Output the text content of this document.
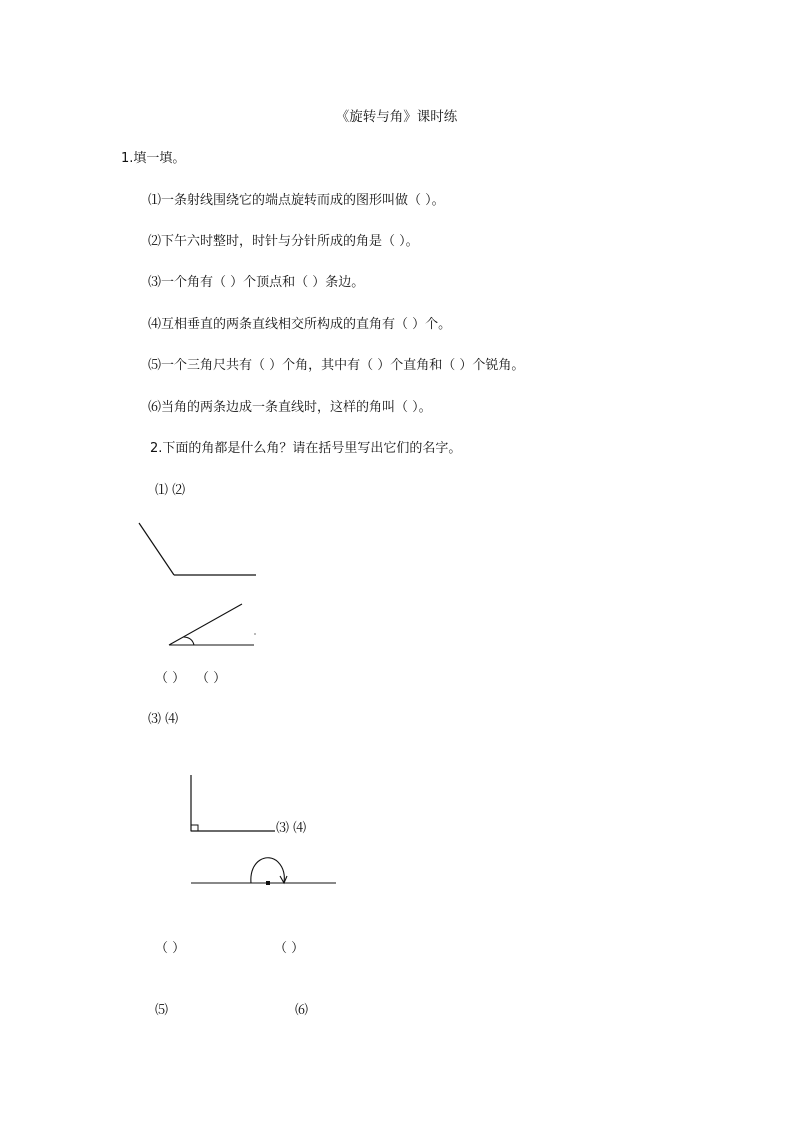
《旋转与角》课时练
1.填一填。
⑴一条射线围绕它的端点旋转而成的图形叫做（ ）。
⑵下午六时整时，时针与分针所成的角是（ ）。
⑶一个角有（ ）个顶点和（ ）条边。
⑷互相垂直的两条直线相交所构成的直角有（ ）个。
⑸一个三角尺共有（ ）个角，其中有（ ）个直角和（ ）个锐角。
⑹当角的两条边成一条直线时，这样的角叫（ ）。
2.下面的角都是什么角？请在括号里写出它们的名字。
⑴ ⑵
（ ） （ ）
⑶ ⑷
⑶ ⑷
（ ）	（ ）
⑸	⑹
